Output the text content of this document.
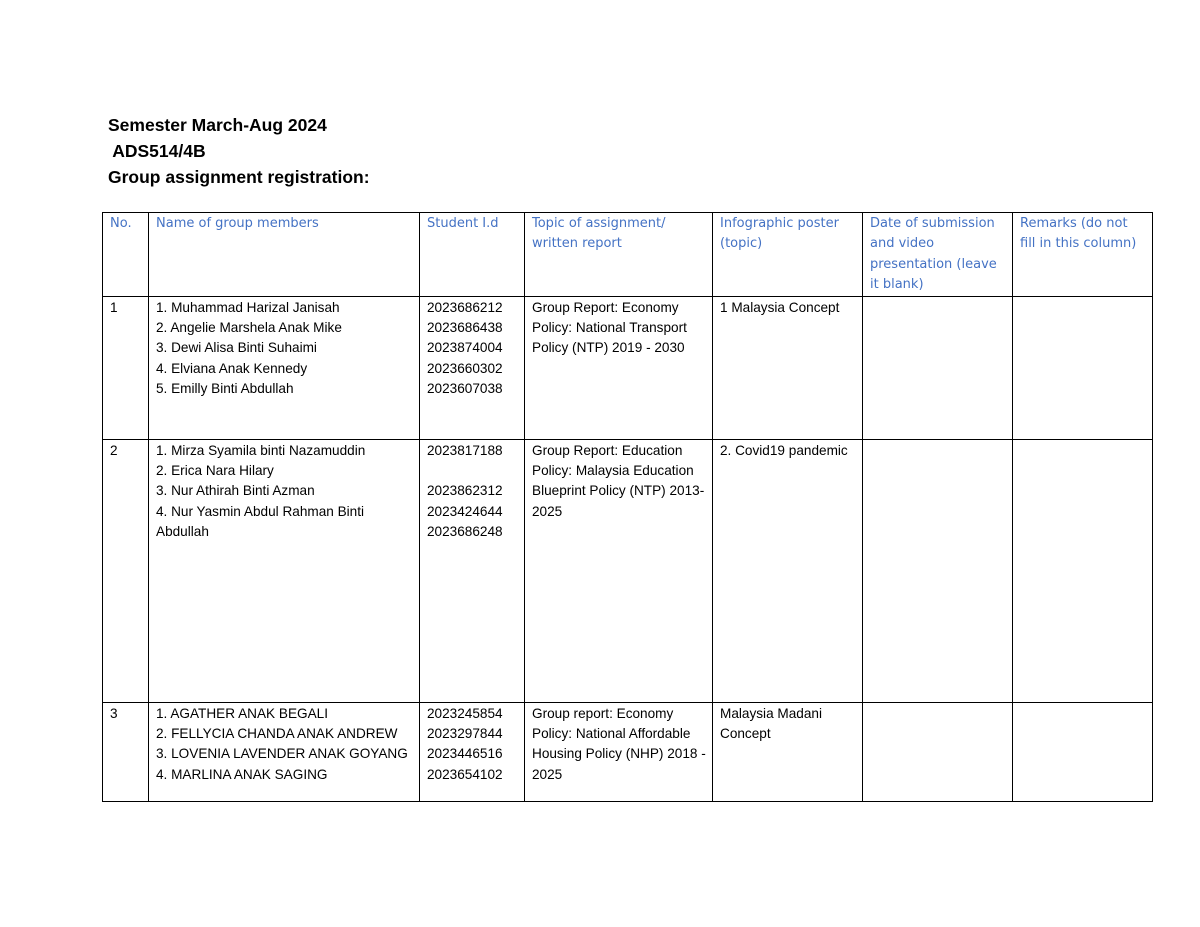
Semester March-Aug 2024
ADS514/4B
Group assignment registration:
No.	Name of group members	Student I.d	Topic of assignment/ written report	Infographic poster (topic)	Date of submission and video presentation (leave it blank)	Remarks (do not fill in this column)
1	1. Muhammad Harizal Janisah
2. Angelie Marshela Anak Mike
3. Dewi Alisa Binti Suhaimi
4. Elviana Anak Kennedy
5. Emilly Binti Abdullah	2023686212
2023686438
2023874004
2023660302
2023607038	Group Report: Economy Policy: National Transport Policy (NTP) 2019 - 2030	1 Malaysia Concept		

2	1. Mirza Syamila binti Nazamuddin
2. Erica Nara Hilary
3. Nur Athirah Binti Azman
4. Nur Yasmin Abdul Rahman Binti Abdullah	2023817188
2023862312
2023424644
2023686248	Group Report: Education Policy: Malaysia Education Blueprint Policy (NTP) 2013-2025	2. Covid19 pandemic		

3	1. AGATHER ANAK BEGALI
2. FELLYCIA CHANDA ANAK ANDREW
3. LOVENIA LAVENDER ANAK GOYANG
4. MARLINA ANAK SAGING	2023245854
2023297844
2023446516
2023654102	Group report: Economy Policy: National Affordable Housing Policy (NHP) 2018 - 2025	Malaysia Madani Concept		
